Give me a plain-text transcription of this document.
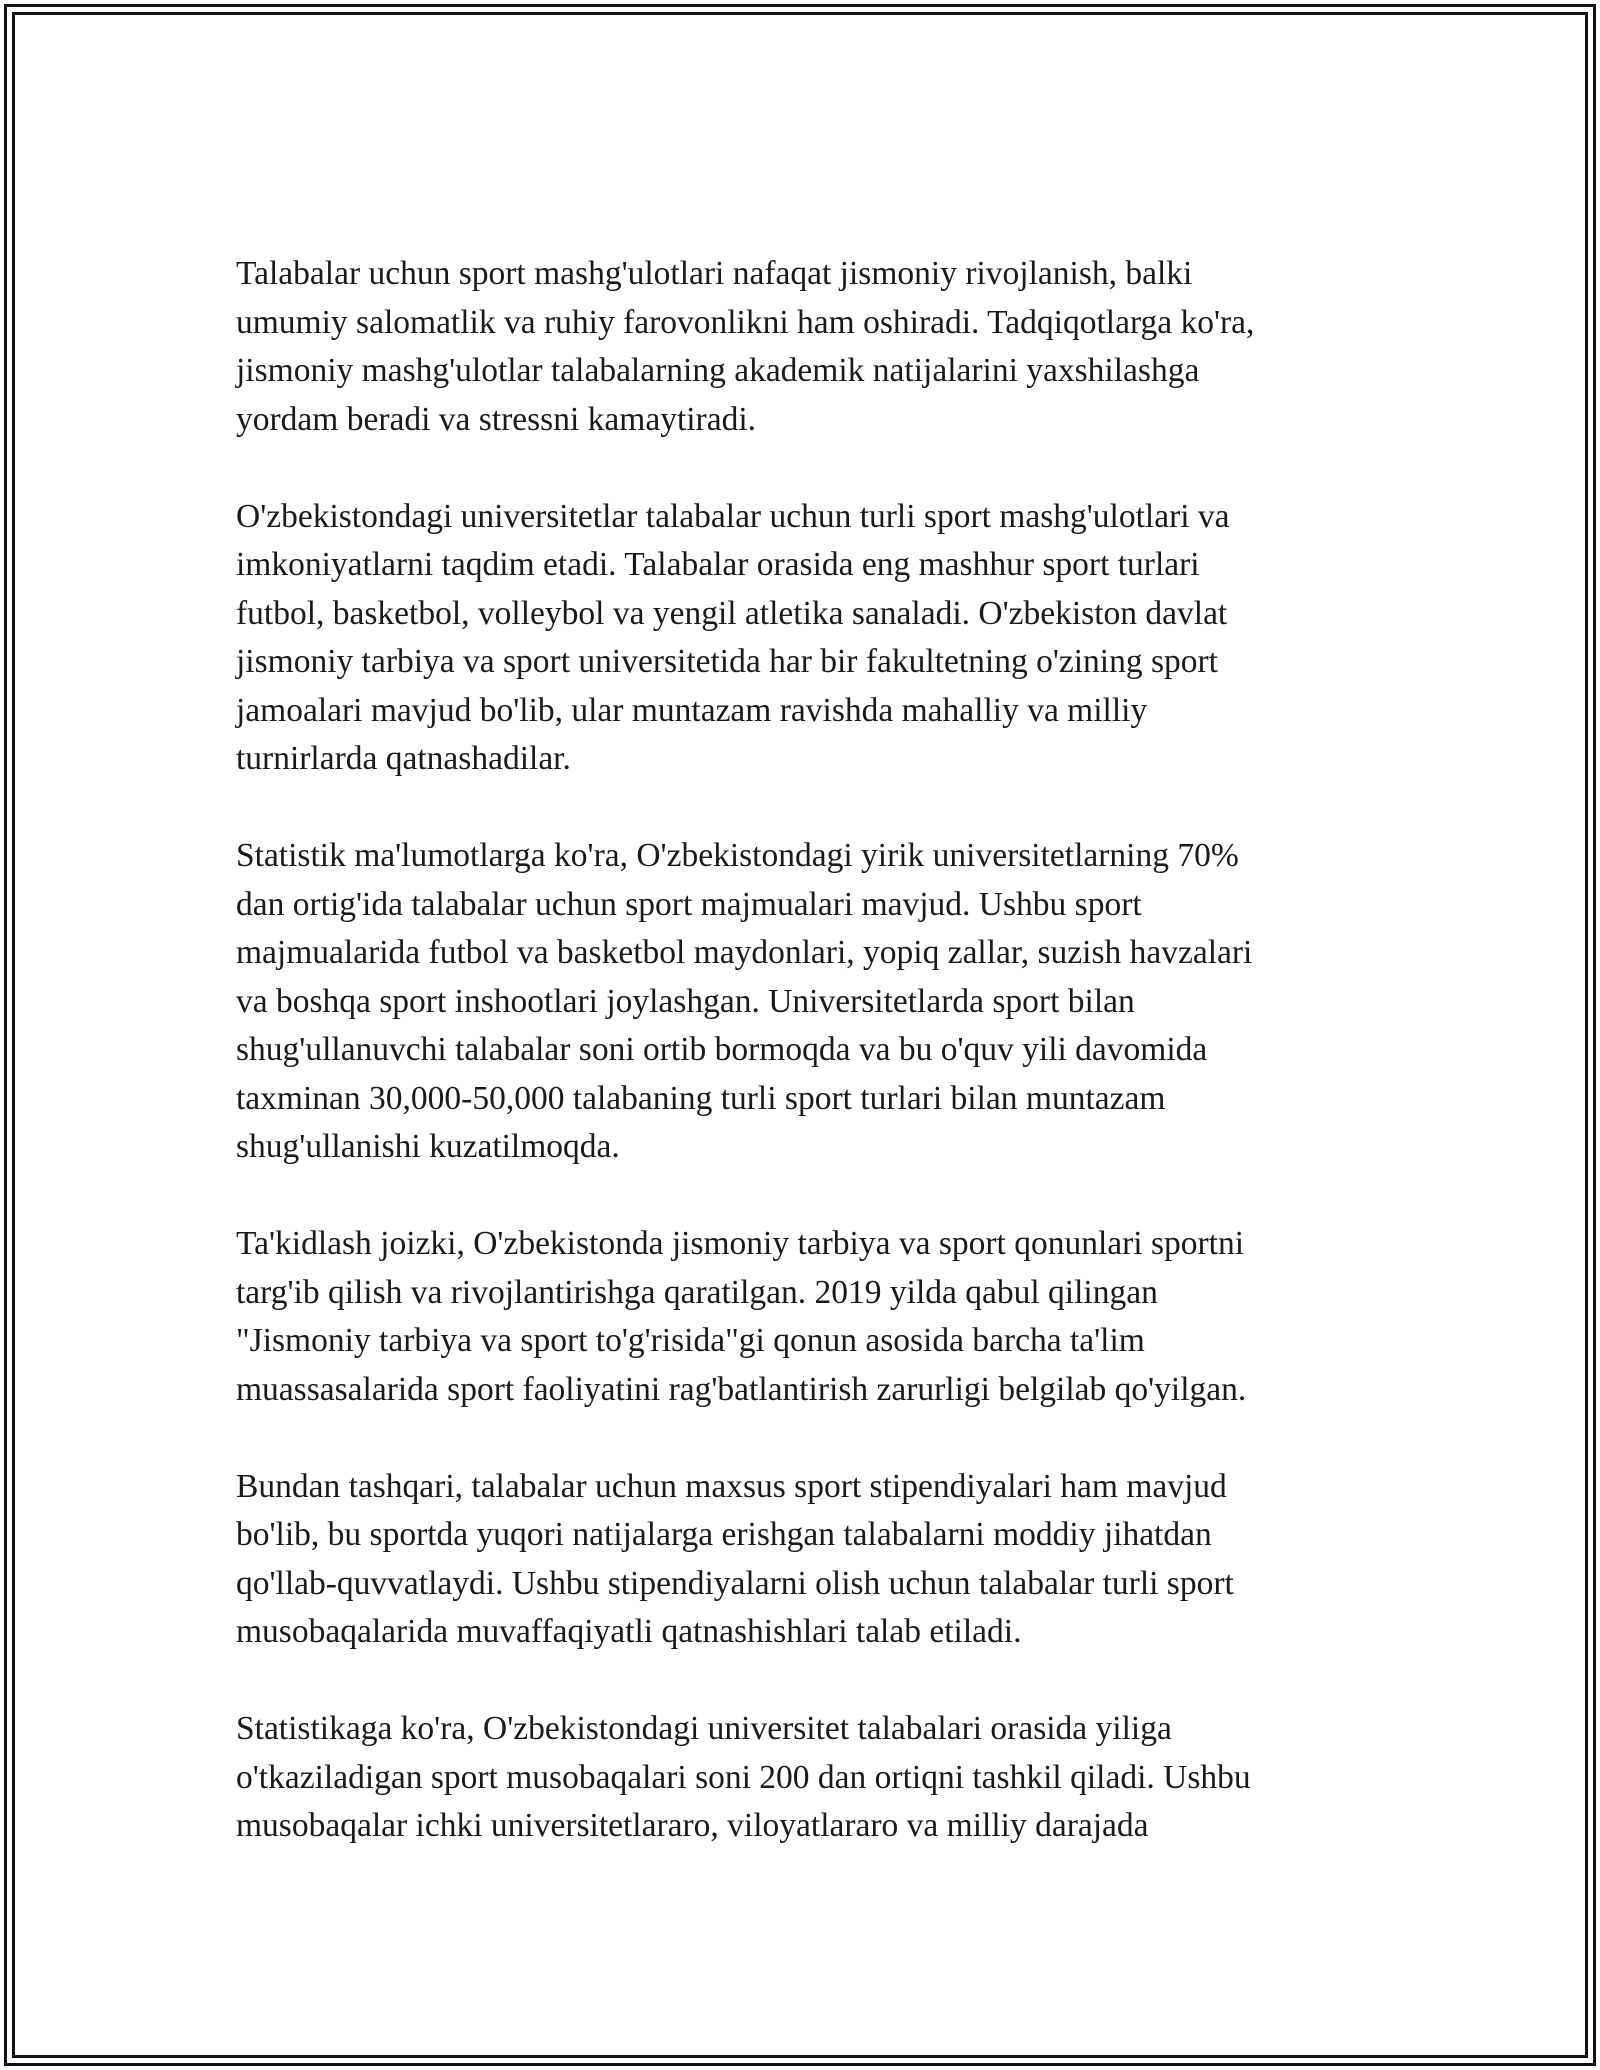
Talabalar uchun sport mashg'ulotlari nafaqat jismoniy rivojlanish, balki
umumiy salomatlik va ruhiy farovonlikni ham oshiradi. Tadqiqotlarga ko'ra,
jismoniy mashg'ulotlar talabalarning akademik natijalarini yaxshilashga
yordam beradi va stressni kamaytiradi.

O'zbekistondagi universitetlar talabalar uchun turli sport mashg'ulotlari va
imkoniyatlarni taqdim etadi. Talabalar orasida eng mashhur sport turlari
futbol, basketbol, volleybol va yengil atletika sanaladi. O'zbekiston davlat
jismoniy tarbiya va sport universitetida har bir fakultetning o'zining sport
jamoalari mavjud bo'lib, ular muntazam ravishda mahalliy va milliy
turnirlarda qatnashadilar.

Statistik ma'lumotlarga ko'ra, O'zbekistondagi yirik universitetlarning 70%
dan ortig'ida talabalar uchun sport majmualari mavjud. Ushbu sport
majmualarida futbol va basketbol maydonlari, yopiq zallar, suzish havzalari
va boshqa sport inshootlari joylashgan. Universitetlarda sport bilan
shug'ullanuvchi talabalar soni ortib bormoqda va bu o'quv yili davomida
taxminan 30,000-50,000 talabaning turli sport turlari bilan muntazam
shug'ullanishi kuzatilmoqda.

Ta'kidlash joizki, O'zbekistonda jismoniy tarbiya va sport qonunlari sportni
targ'ib qilish va rivojlantirishga qaratilgan. 2019 yilda qabul qilingan
"Jismoniy tarbiya va sport to'g'risida"gi qonun asosida barcha ta'lim
muassasalarida sport faoliyatini rag'batlantirish zarurligi belgilab qo'yilgan.

Bundan tashqari, talabalar uchun maxsus sport stipendiyalari ham mavjud
bo'lib, bu sportda yuqori natijalarga erishgan talabalarni moddiy jihatdan
qo'llab-quvvatlaydi. Ushbu stipendiyalarni olish uchun talabalar turli sport
musobaqalarida muvaffaqiyatli qatnashishlari talab etiladi.

Statistikaga ko'ra, O'zbekistondagi universitet talabalari orasida yiliga
o'tkaziladigan sport musobaqalari soni 200 dan ortiqni tashkil qiladi. Ushbu
musobaqalar ichki universitetlararo, viloyatlararo va milliy darajada
